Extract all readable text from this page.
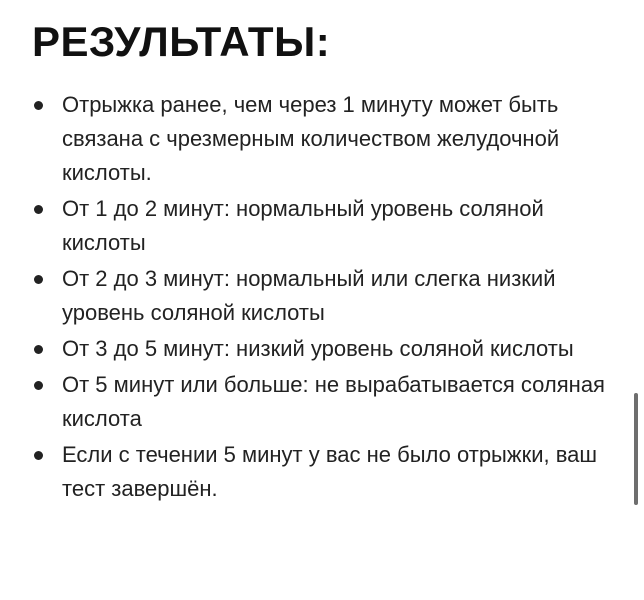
РЕЗУЛЬТАТЫ:
Отрыжка ранее, чем через 1 минуту может быть связана с чрезмерным количеством желудочной кислоты.
От 1 до 2 минут: нормальный уровень соляной кислоты
От 2 до 3 минут: нормальный или слегка низкий уровень соляной кислоты
От 3 до 5 минут: низкий уровень соляной кислоты
От 5 минут или больше: не вырабатывается соляная кислота
Если с течении 5 минут у вас не было отрыжки, ваш тест завершён.
